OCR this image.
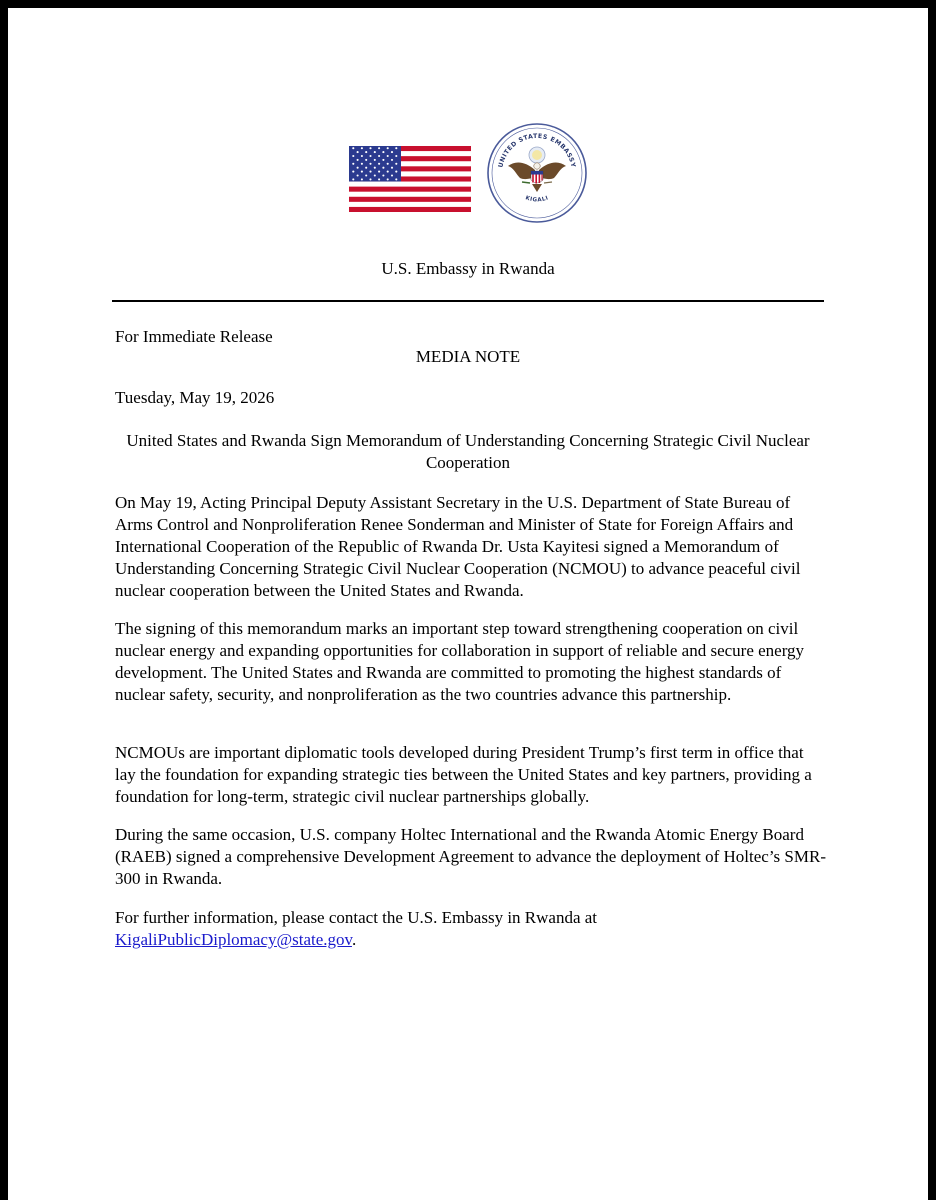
UNITED STATES EMBASSY
KIGALI
U.S. Embassy in Rwanda
For Immediate Release
MEDIA NOTE
Tuesday, May 19, 2026
United States and Rwanda Sign Memorandum of Understanding Concerning Strategic Civil Nuclear Cooperation
On May 19, Acting Principal Deputy Assistant Secretary in the U.S. Department of State Bureau of Arms Control and Nonproliferation Renee Sonderman and Minister of State for Foreign Affairs and International Cooperation of the Republic of Rwanda Dr. Usta Kayitesi signed a Memorandum of Understanding Concerning Strategic Civil Nuclear Cooperation (NCMOU) to advance peaceful civil nuclear cooperation between the United States and Rwanda.
The signing of this memorandum marks an important step toward strengthening cooperation on civil nuclear energy and expanding opportunities for collaboration in support of reliable and secure energy development. The United States and Rwanda are committed to promoting the highest standards of nuclear safety, security, and nonproliferation as the two countries advance this partnership.
NCMOUs are important diplomatic tools developed during President Trump’s first term in office that lay the foundation for expanding strategic ties between the United States and key partners, providing a foundation for long-term, strategic civil nuclear partnerships globally.
During the same occasion, U.S. company Holtec International and the Rwanda Atomic Energy Board (RAEB) signed a comprehensive Development Agreement to advance the deployment of Holtec’s SMR-300 in Rwanda.
For further information, please contact the U.S. Embassy in Rwanda at
KigaliPublicDiplomacy@state.gov.
